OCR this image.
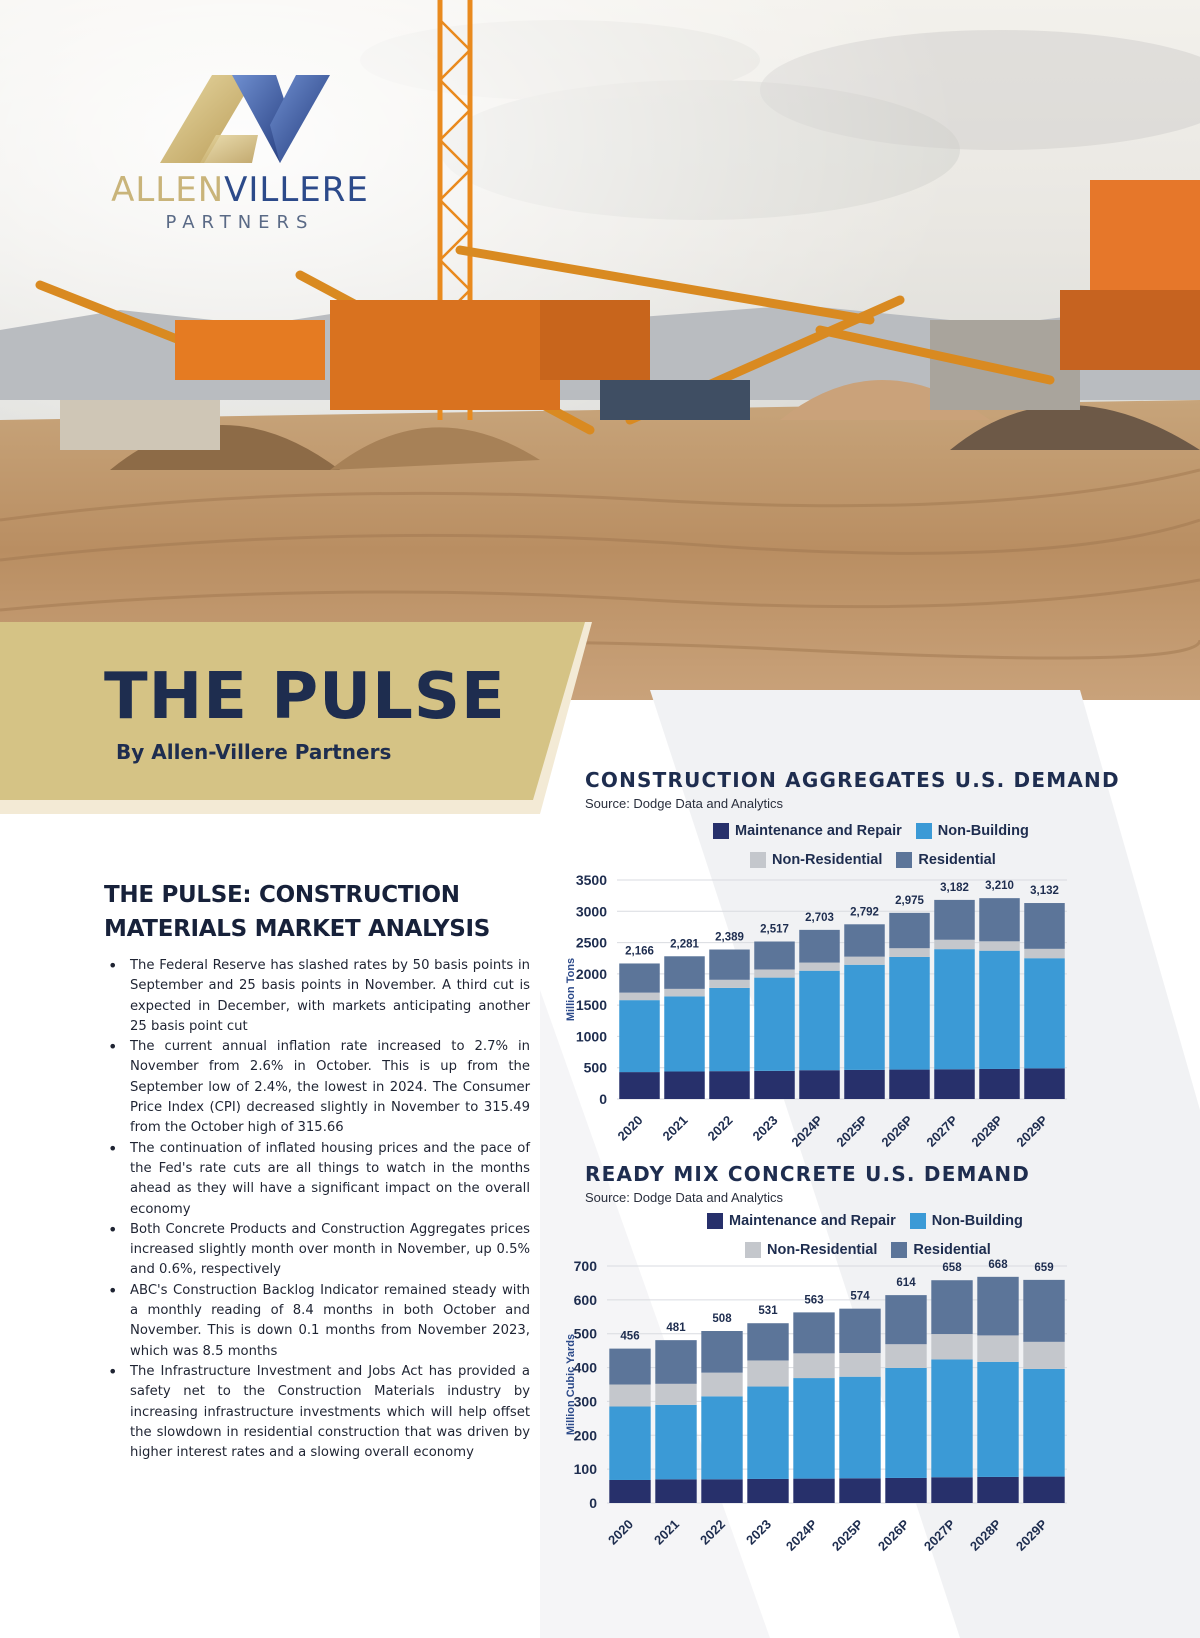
ALLENVILLERE
PARTNERS
THE PULSE
By Allen-Villere Partners
THE PULSE: CONSTRUCTION
MATERIALS MARKET ANALYSIS
• The Federal Reserve has slashed rates by 50 basis points in September and 25 basis points in November. A third cut is expected in December, with markets anticipating another 25 basis point cut
• The current annual inflation rate increased to 2.7% in November from 2.6% in October. This is up from the September low of 2.4%, the lowest in 2024. The Consumer Price Index (CPI) decreased slightly in November to 315.49 from the October high of 315.66
• The continuation of inflated housing prices and the pace of the Fed's rate cuts are all things to watch in the months ahead as they will have a significant impact on the overall economy
• Both Concrete Products and Construction Aggregates prices increased slightly month over month in November, up 0.5% and 0.6%, respectively
• ABC's Construction Backlog Indicator remained steady with a monthly reading of 8.4 months in both October and November. This is down 0.1 months from November 2023, which was 8.5 months
• The Infrastructure Investment and Jobs Act has provided a safety net to the Construction Materials industry by increasing infrastructure investments which will help offset the slowdown in residential construction that was driven by higher interest rates and a slowing overall economy
CONSTRUCTION AGGREGATES U.S. DEMAND
Source: Dodge Data and Analytics
Maintenance and Repair Non-Building
Non-Residential Residential
0
500
1000
1500
2000
2500
3000
3500
Million Tons
2,166
2020
2,281
2021
2,389
2022
2,517
2023
2,703
2024P
2,792
2025P
2,975
2026P
3,182
2027P
3,210
2028P
3,132
2029P
READY MIX CONCRETE U.S. DEMAND
Source: Dodge Data and Analytics
Maintenance and Repair Non-Building
Non-Residential Residential
0
100
200
300
400
500
600
700
Million Cubic Yards	456
2020
481
2021
508
2022
531
2023
563
2024P
574
2025P
614
2026P
658
2027P
668
2028P
659
2029P
